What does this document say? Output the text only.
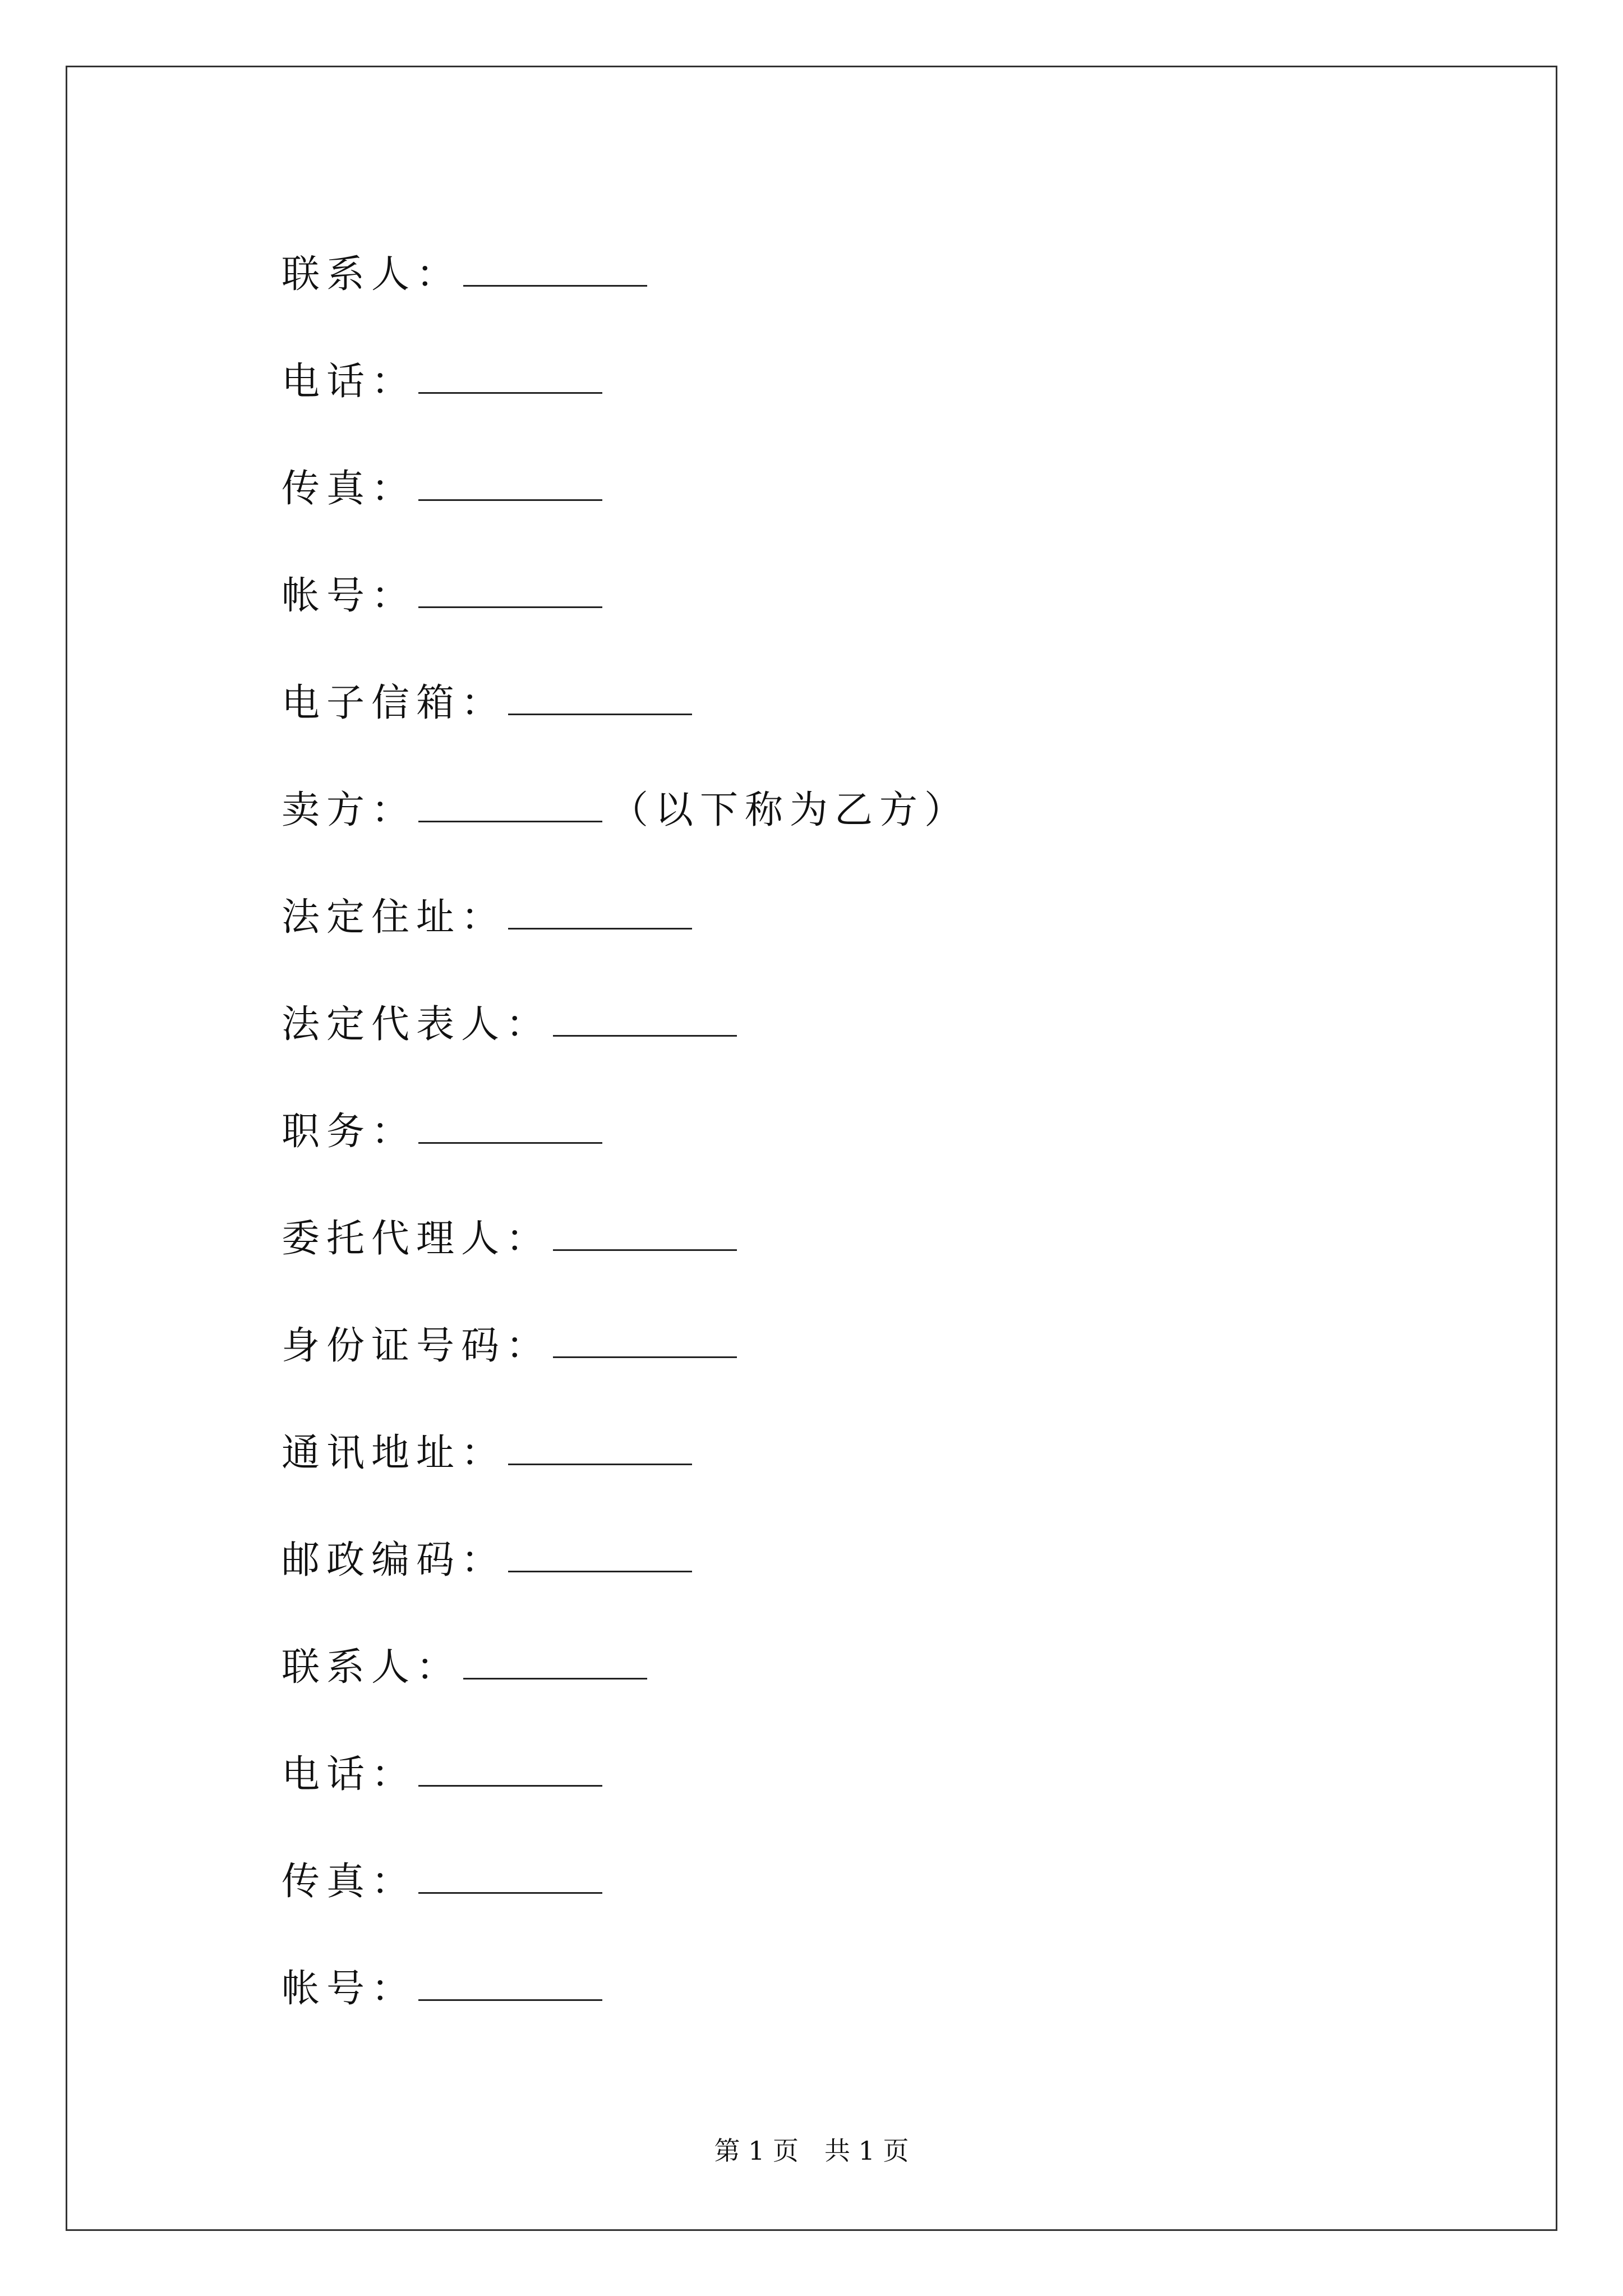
联系人：
电话：
传真：
帐号：
电子信箱：
卖方：	（以下称为乙方）
法定住址：
法定代表人：
职务：
委托代理人：
身份证号码：
通讯地址：
邮政编码：
联系人：
电话：
传真：
帐号：
第 1 页 共 1 页
